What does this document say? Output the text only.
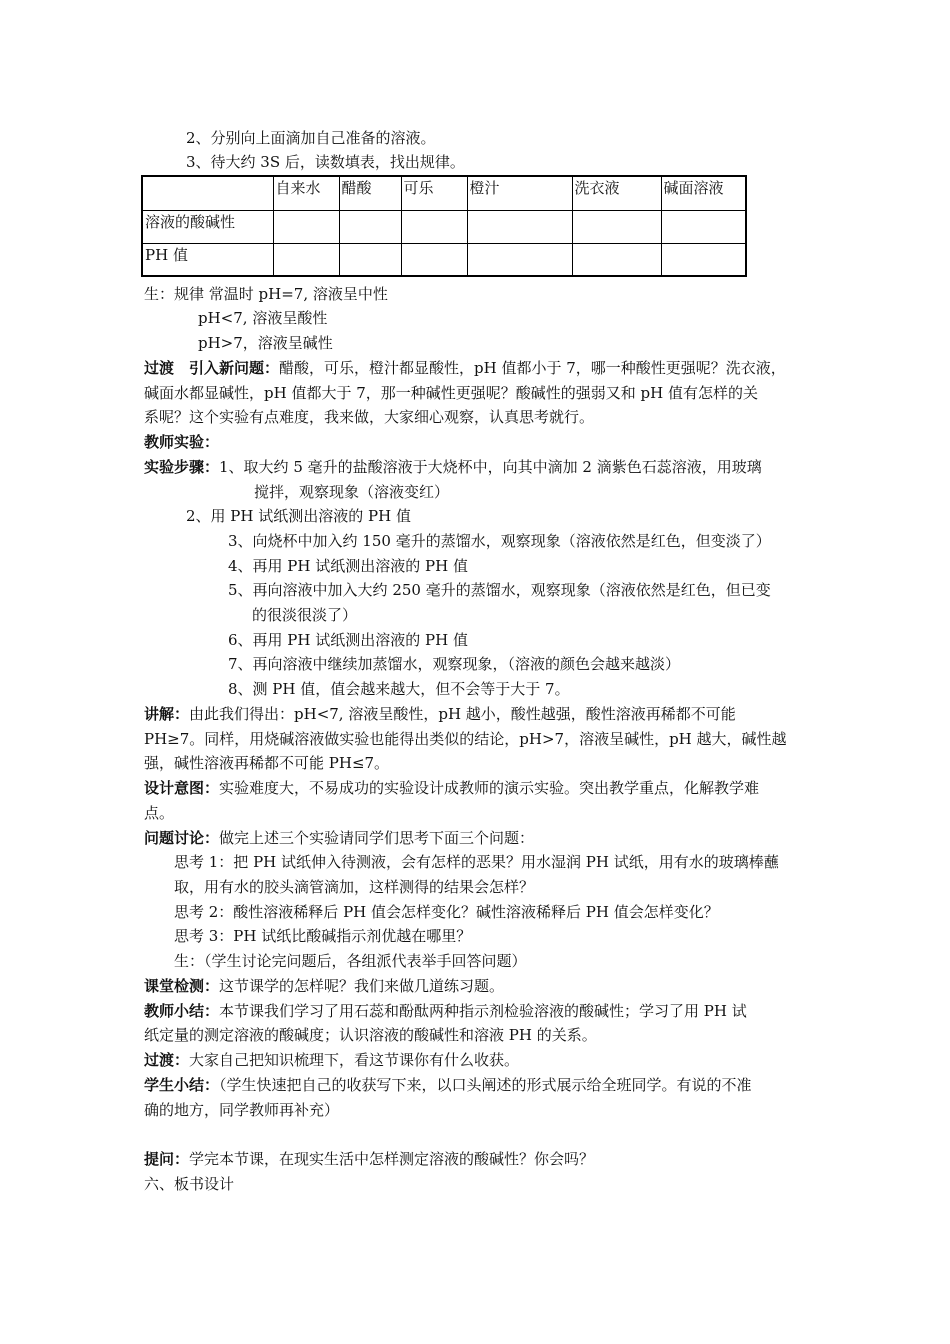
2、分别向上面滴加自己准备的溶液。
3、待大约 3S 后，读数填表，找出规律。
	自来水	醋酸	可乐	橙汁	洗衣液	碱面溶液
溶液的酸碱性						
PH 值						
生：规律 常温时 pH=7, 溶液呈中性
pH<7, 溶液呈酸性
pH>7，溶液呈碱性
过渡　引入新问题：醋酸，可乐，橙汁都显酸性，pH 值都小于 7，哪一种酸性更强呢？洗衣液，
碱面水都显碱性，pH 值都大于 7，那一种碱性更强呢？酸碱性的强弱又和 pH 值有怎样的关
系呢？这个实验有点难度，我来做，大家细心观察，认真思考就行。
教师实验：
实验步骤：1、取大约 5 毫升的盐酸溶液于大烧杯中，向其中滴加 2 滴紫色石蕊溶液，用玻璃
搅拌，观察现象（溶液变红）
2、用 PH 试纸测出溶液的 PH 值
3、向烧杯中加入约 150 毫升的蒸馏水，观察现象（溶液依然是红色，但变淡了）
4、再用 PH 试纸测出溶液的 PH 值
5、再向溶液中加入大约 250 毫升的蒸馏水，观察现象（溶液依然是红色，但已变
的很淡很淡了）
6、再用 PH 试纸测出溶液的 PH 值
7、再向溶液中继续加蒸馏水，观察现象，（溶液的颜色会越来越淡）
8、测 PH 值，值会越来越大，但不会等于大于 7。
讲解：由此我们得出：pH<7, 溶液呈酸性，pH 越小，酸性越强，酸性溶液再稀都不可能
PH≥7。同样，用烧碱溶液做实验也能得出类似的结论，pH>7，溶液呈碱性，pH 越大，碱性越
强，碱性溶液再稀都不可能 PH≤7。
设计意图：实验难度大，不易成功的实验设计成教师的演示实验。突出教学重点，化解教学难
点。
问题讨论：做完上述三个实验请同学们思考下面三个问题：
思考 1：把 PH 试纸伸入待测液，会有怎样的恶果？用水湿润 PH 试纸，用有水的玻璃棒蘸
取，用有水的胶头滴管滴加，这样测得的结果会怎样？
思考 2：酸性溶液稀释后 PH 值会怎样变化？碱性溶液稀释后 PH 值会怎样变化？
思考 3：PH 试纸比酸碱指示剂优越在哪里？
生：（学生讨论完问题后，各组派代表举手回答问题）
课堂检测：这节课学的怎样呢？我们来做几道练习题。
教师小结：本节课我们学习了用石蕊和酚酞两种指示剂检验溶液的酸碱性；学习了用 PH 试
纸定量的测定溶液的酸碱度；认识溶液的酸碱性和溶液 PH 的关系。
过渡：大家自己把知识梳理下，看这节课你有什么收获。
学生小结：（学生快速把自己的收获写下来，以口头阐述的形式展示给全班同学。有说的不准
确的地方，同学教师再补充）
提问：学完本节课，在现实生活中怎样测定溶液的酸碱性？你会吗？
六、板书设计
